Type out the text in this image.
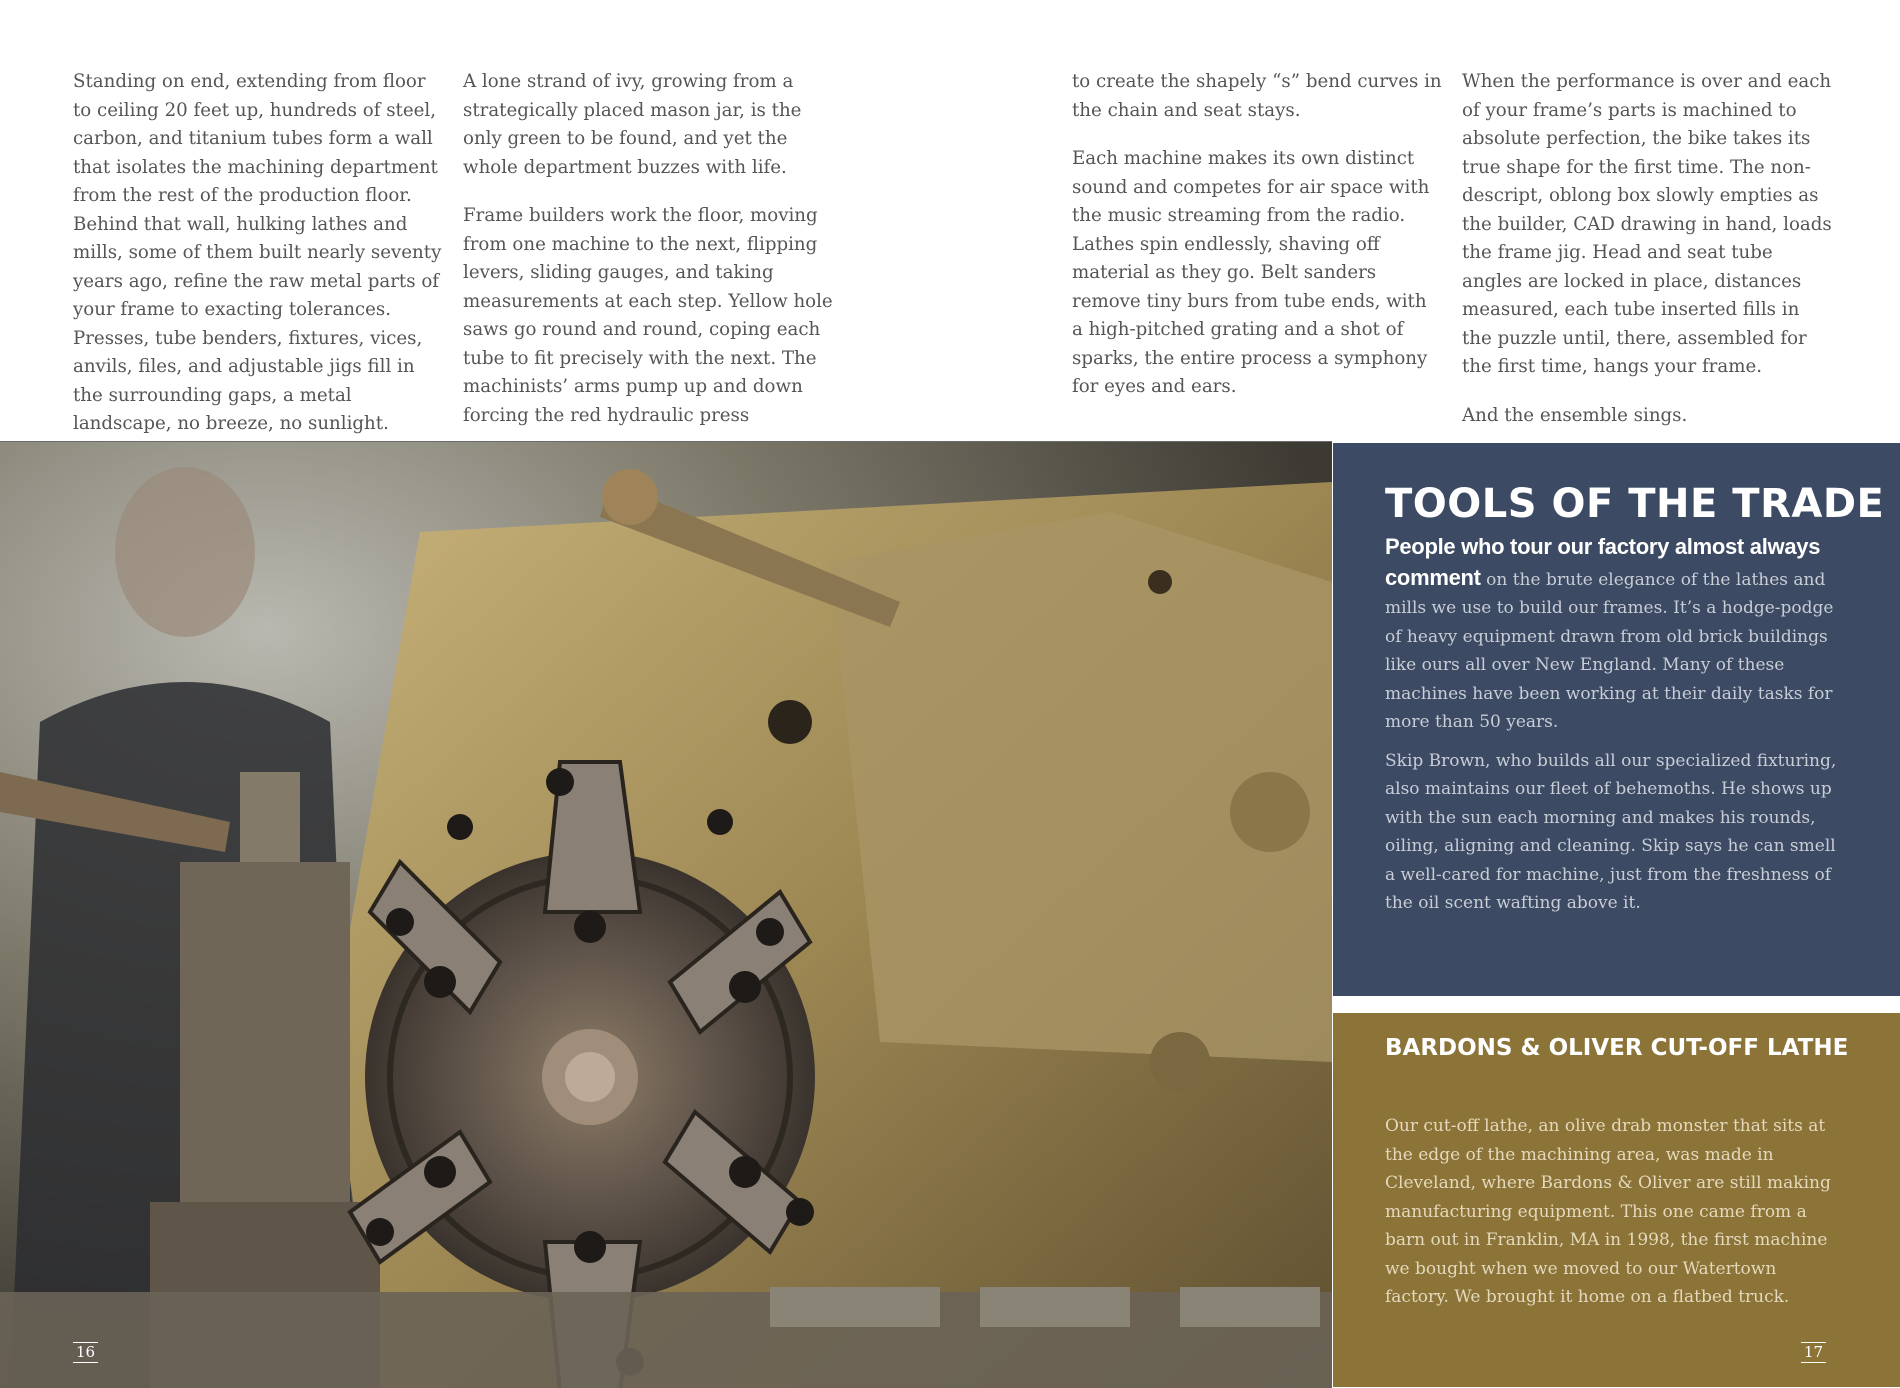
Standing on end, extending from floor to ceiling 20 feet up, hundreds of steel, carbon, and titanium tubes form a wall that isolates the machining department from the rest of the production floor. Behind that wall, hulking lathes and mills, some of them built nearly seventy years ago, refine the raw metal parts of your frame to exacting tolerances. Presses, tube benders, fixtures, vices, anvils, files, and adjustable jigs fill in the surrounding gaps, a metal landscape, no breeze, no sunlight.

A lone strand of ivy, growing from a strategically placed mason jar, is the only green to be found, and yet the whole department buzzes with life.

Frame builders work the floor, moving from one machine to the next, flipping levers, sliding gauges, and taking measurements at each step. Yellow hole saws go round and round, coping each tube to fit precisely with the next. The machinists’ arms pump up and down forcing the red hydraulic press

to create the shapely “s” bend curves in the chain and seat stays.

Each machine makes its own distinct sound and competes for air space with the music streaming from the radio. Lathes spin endlessly, shaving off material as they go. Belt sanders remove tiny burs from tube ends, with a high-pitched grating and a shot of sparks, the entire process a symphony for eyes and ears.

When the performance is over and each of your frame’s parts is machined to absolute perfection, the bike takes its true shape for the first time. The non-descript, oblong box slowly empties as the builder, CAD drawing in hand, loads the frame jig. Head and seat tube angles are locked in place, distances measured, each tube inserted fills in the puzzle until, there, assembled for the first time, hangs your frame.

And the ensemble sings.

TOOLS OF THE TRADE

People who tour our factory almost always comment on the brute elegance of the lathes and mills we use to build our frames. It’s a hodge-podge of heavy equipment drawn from old brick buildings like ours all over New England. Many of these machines have been working at their daily tasks for more than 50 years.

Skip Brown, who builds all our specialized fixturing, also maintains our fleet of behemoths. He shows up with the sun each morning and makes his rounds, oiling, aligning and cleaning. Skip says he can smell a well-cared for machine, just from the freshness of the oil scent wafting above it.

BARDONS & OLIVER CUT-OFF LATHE

Our cut-off lathe, an olive drab monster that sits at the edge of the machining area, was made in Cleveland, where Bardons & Oliver are still making manufacturing equipment. This one came from a barn out in Franklin, MA in 1998, the first machine we bought when we moved to our Watertown factory. We brought it home on a flatbed truck.

16	17
